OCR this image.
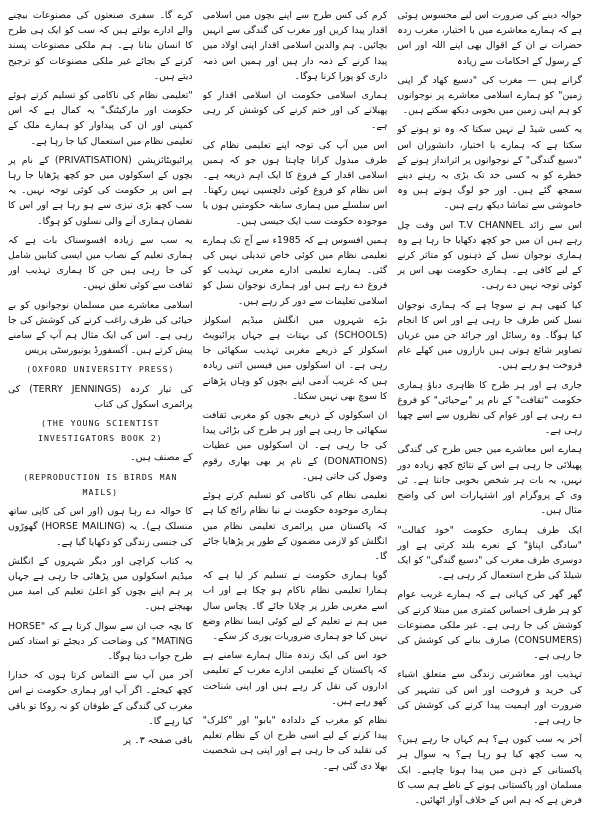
حوالہ دینے کی ضرورت اس لیے محسوس ہوئی ہے کہ ہمارے معاشرے میں با اختیار، مغرب زدہ حضرات نے ان کے اقوال بھی اپنے اللہ اور اس کے رسول کے احکامات سے زیادہ

گرانے ہیں — مغرب کی "دسیع کھاد گر اپنی زمین" کو ہمارے اسلامی معاشرے پر نوجوانوں کو ہم اپنی زمین میں بخوبی دیکھ سکتے ہیں۔

یہ کسی شیڈ لے نہیں سکتا کہ وہ تو ہونے کو سکتا ہے کہ ہمارے با اختیار، دانشوران اس "دسیع گندگی" کے نوجوانوں پر اثرانداز ہونے کے خطرے کو بہ کسی حد تک بڑی بہ رہنے دینے سمجھ گئے ہیں۔ اور جو لوگ ہوتے ہیں وہ خاموشی سے تماشا دیکھ رہے ہیں۔

اس سے زائد T.V CHANNEL اس وقت چل رہے ہیں ان میں جو کچھ دکھایا جا رہا ہے وہ ہماری نوجوان نسل کے ذہنوں کو متاثر کرنے کے لیے کافی ہے۔ ہماری حکومت بھی اس پر کوئی توجہ نہیں دے رہی۔

کیا کبھی ہم نے سوچا ہے کہ ہماری نوجوان نسل کس طرف جا رہی ہے اور اس کا انجام کیا ہوگا۔ وہ رسائل اور جرائد جن میں عریاں تصاویر شائع ہوتی ہیں بازاروں میں کھلے عام فروخت ہو رہے ہیں۔

جاری ہے اور ہر طرح کا ظاہری دباؤ ہماری حکومت "ثقافت" کے نام پر "بےحیائی" کو فروغ دے رہی ہے اور عوام کی نظروں سے اسے چھپا رہی ہے۔

ہمارے اس معاشرے میں جس طرح کی گندگی پھیلائی جا رہی ہے اس کے نتائج کچھ زیادہ دور نہیں، یہ بات ہر شخص بخوبی جانتا ہے۔ ٹی وی کے پروگرام اور اشتہارات اس کی واضح مثال ہیں۔

ایک طرف ہماری حکومت "خود کفالت" "سادگی اپناؤ" کے نعرے بلند کرتی ہے اور دوسری طرف مغرب کی "دسیع گندگی" کو ایک شیلڈ کی طرح استعمال کر رہی ہے۔

گھر گھر کی کہانی ہے کہ ہمارے غریب عوام کو ہر طرف احساس کمتری میں مبتلا کرنے کی کوشش کی جا رہی ہے۔ غیر ملکی مصنوعات (CONSUMERS) صارف بنانے کی کوشش کی جا رہی ہے۔

تہذیب اور معاشرتی زندگی سے متعلق اشیاء کی خرید و فروخت اور اس کی تشہیر کی ضرورت اور اہمیت پیدا کرنے کی کوشش کی جا رہی ہے۔

آخر یہ سب کیوں ہے؟ ہم کہاں جا رہے ہیں؟ یہ سب کچھ کیا ہو رہا ہے؟ یہ سوال ہر پاکستانی کے ذہن میں پیدا ہونا چاہیے۔ ایک مسلمان اور پاکستانی ہونے کے ناطے ہم سب کا فرض ہے کہ ہم اس کے خلاف آواز اٹھائیں۔

کرم کی کس طرح سے اپنے بچوں میں اسلامی اقدار پیدا کریں اور مغرب کی گندگی سے انہیں بچائیں۔ ہم والدین اسلامی اقدار اپنی اولاد میں پیدا کرنے کے ذمہ دار ہیں اور ہمیں اس ذمہ داری کو پورا کرنا ہوگا۔

ہماری اسلامی حکومت ان اسلامی اقدار کو پھیلانے کی اور ختم کرنے کی کوشش کر رہی ہے۔

اس میں آپ کی توجہ اپنے تعلیمی نظام کی طرف مبذول کرانا چاہتا ہوں جو کہ ہمیں اسلامی اقدار کے فروغ کا ایک اہم ذریعہ ہے۔ اس نظام کو فروغ کوئی دلچسپی نہیں رکھتا۔ اس سلسلے میں ہماری سابقہ حکومتیں ہوں یا موجودہ حکومت سب ایک جیسی ہیں۔

ہمیں افسوس ہے کہ 1985ء سے آج تک ہمارے تعلیمی نظام میں کوئی خاص تبدیلی نہیں کی گئی۔ ہمارے تعلیمی ادارے مغربی تہذیب کو فروغ دے رہے ہیں اور ہماری نوجوان نسل کو اسلامی تعلیمات سے دور کر رہے ہیں۔

بڑے شہروں میں انگلش میڈیم اسکولز (SCHOOLS) کی بہتات ہے جہاں پرائیویٹ اسکولز کے ذریعے مغربی تہذیب سکھائی جا رہی ہے۔ ان اسکولوں میں فیسیں اتنی زیادہ ہیں کہ غریب آدمی اپنے بچوں کو وہاں پڑھانے کا سوچ بھی نہیں سکتا۔

ان اسکولوں کے ذریعے بچوں کو مغربی ثقافت سکھائی جا رہی ہے اور ہر طرح کی بڑائی پیدا کی جا رہی ہے۔ ان اسکولوں میں عطیات (DONATIONS) کے نام پر بھی بھاری رقوم وصول کی جاتی ہیں۔

تعلیمی نظام کی ناکامی کو تسلیم کرتے ہوئے ہماری موجودہ حکومت نے نیا نظام رائج کیا ہے کہ پاکستان میں پرائمری تعلیمی نظام میں انگلش کو لازمی مضمون کے طور پر پڑھایا جائے گا۔

گویا ہماری حکومت نے تسلیم کر لیا ہے کہ ہمارا تعلیمی نظام ناکام ہو چکا ہے اور اب اسے مغربی طرز پر چلایا جائے گا۔ پچاس سال میں ہم نے تعلیم کے لیے کوئی ایسا نظام وضع نہیں کیا جو ہماری ضروریات پوری کر سکے۔

خود اس کی ایک زندہ مثال ہمارے سامنے ہے کہ پاکستان کے تعلیمی ادارے مغرب کے تعلیمی اداروں کی نقل کر رہے ہیں اور اپنی شناخت کھو رہے ہیں۔

نظام کو مغرب کے دلدادہ "بابو" اور "کلرک" پیدا کرنے کے لیے اسی طرح ان کے نظام تعلیم کی تقلید کی جا رہی ہے اور اپنی ہی شخصیت بھلا دی گئی ہے۔

کرے گا۔ سفری صنعتوں کی مصنوعات بیچنے والے ادارے بولتے ہیں کہ سب کو ایک ہی طرح کا انسان بنانا ہے۔ ہم ملکی مصنوعات پسند کرنے کے بجائے غیر ملکی مصنوعات کو ترجیح دیتے ہیں۔

"تعلیمی نظام کی ناکامی کو تسلیم کرتے ہوئے حکومت اور مارکیٹنگ" یہ کمال ہے کہ اس کمپنی اور ان کی پیداوار کو ہمارے ملک کے تعلیمی نظام میں استعمال کیا جا رہا ہے۔

پرائیویٹائزیشن (PRIVATISATION) کے نام پر بچوں کے اسکولوں میں جو کچھ پڑھایا جا رہا ہے اس پر حکومت کی کوئی توجہ نہیں۔ یہ سب کچھ بڑی تیزی سے ہو رہا ہے اور اس کا نقصان ہماری آنے والی نسلوں کو ہوگا۔

یہ سب سے زیادہ افسوسناک بات ہے کہ ہماری تعلیم کے نصاب میں ایسی کتابیں شامل کی جا رہی ہیں جن کا ہماری تہذیب اور ثقافت سے کوئی تعلق نہیں۔

اسلامی معاشرے میں مسلمان نوجوانوں کو بے حیائی کی طرف راغب کرنے کی کوشش کی جا رہی ہے۔ اس کی ایک مثال ہم آپ کے سامنے پیش کرتے ہیں۔ آکسفورڈ یونیورسٹی پریس

(OXFORD UNIVERSITY PRESS)

کی تیار کردہ (TERRY JENNINGS) کی پرائمری اسکول کی کتاب

(THE YOUNG SCIENTIST INVESTIGATORS BOOK 2)

کے مصنف ہیں۔

(REPRODUCTION IS BIRDS MAN MAILS)

کا حوالہ دے رہا ہوں (اور اس کی کاپی ساتھ منسلک ہے)۔ یہ (HORSE MAILING) گھوڑوں کی جنسی زندگی کو دکھایا گیا ہے۔

یہ کتاب کراچی اور دیگر شہروں کے انگلش میڈیم اسکولوں میں پڑھائی جا رہی ہے جہاں پر ہم اپنے بچوں کو اعلیٰ تعلیم کی امید میں بھیجتے ہیں۔

کا بچہ جب ان سے سوال کرتا ہے کہ "HORSE MATING" کی وضاحت کر دیجئے تو استاد کس طرح جواب دیتا ہوگا۔

آخر میں آپ سے التماس کرتا ہوں کہ خدارا کچھ کیجئے۔ اگر آپ اور ہماری حکومت نے اس مغرب کی گندگی کے طوفان کو نہ روکا تو باقی کیا رہے گا۔

باقی صفحہ ۳۔ پر
